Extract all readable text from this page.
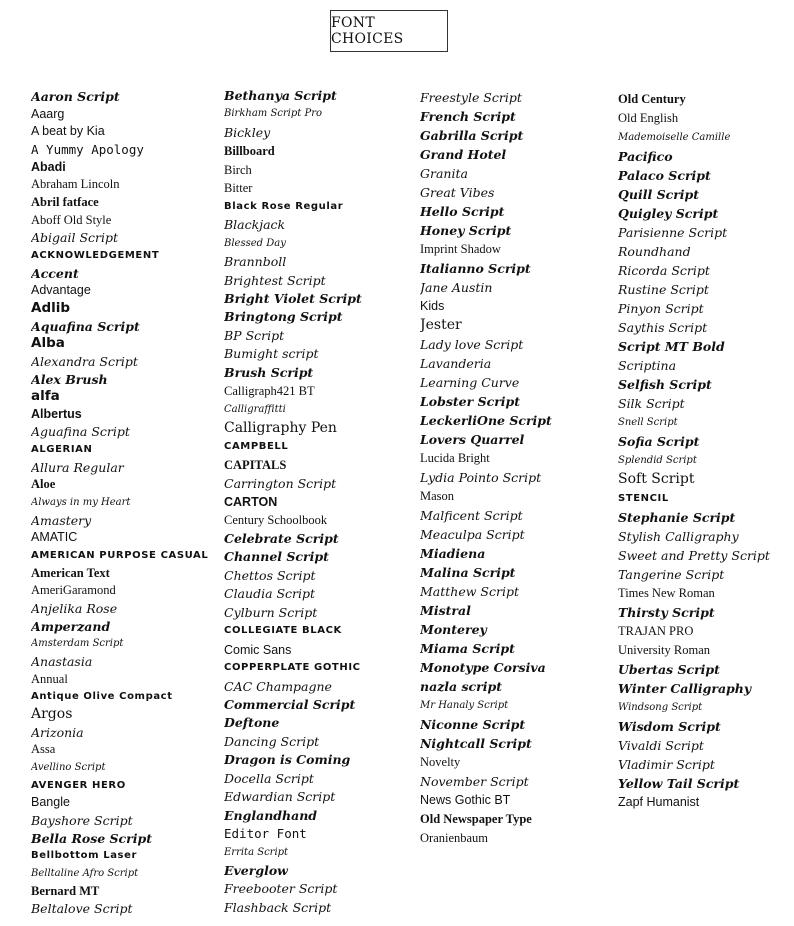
FONT CHOICES
Aaron Script
Aaarg
A beat by Kia
A Yummy Apology
Abadi
Abraham Lincoln
Abril fatface
Aboff Old Style
Abigail Script
ACKNOWLEDGEMENT
Accent
Advantage
Adlib
Aquafina Script
Alba
Alexandra Script
Alex Brush
alfa
Albertus
Aguafina Script
ALGERIAN
Allura Regular
Aloe
Always in my Heart
Amastery
AMATIC
AMERICAN PURPOSE CASUAL
American Text
AmeriGaramond
Anjelika Rose
Amperzand
Amsterdam Script
Anastasia
Annual
Antique Olive Compact
Argos
Arizonia
Assa
Avellino Script
AVENGER HERO
Bangle
Bayshore Script
Bella Rose Script
Bellbottom Laser
Belltaline Afro Script
Bernard MT
Beltalove Script
Bethanya Script
Birkham Script Pro
Bickley
Billboard
Birch
Bitter
Black Rose Regular
Blackjack
Blessed Day
Brannboll
Brightest Script
Bright Violet Script
Bringtong Script
BP Script
Bumight script
Brush Script
Calligraph421 BT
Calligraffitti
Calligraphy Pen
CAMPBELL
CAPITALS
Carrington Script
CARTON
Century Schoolbook
Celebrate Script
Channel Script
Chettos Script
Claudia Script
Cylburn Script
COLLEGIATE BLACK
Comic Sans
COPPERPLATE GOTHIC
CAC Champagne
Commercial Script
Deftone
Dancing Script
Dragon is Coming
Docella Script
Edwardian Script
Englandhand
Editor Font
Errita Script
Everglow
Freebooter Script
Flashback Script
Freestyle Script
French Script
Gabrilla Script
Grand Hotel
Granita
Great Vibes
Hello Script
Honey Script
Imprint Shadow
Italianno Script
Jane Austin
Kids
Jester
Lady love Script
Lavanderia
Learning Curve
Lobster Script
LeckerliOne Script
Lovers Quarrel
Lucida Bright
Lydia Pointo Script
Mason
Malficent Script
Meaculpa Script
Miadiena
Malina Script
Matthew Script
Mistral
Monterey
Miama Script
Monotype Corsiva
nazla script
Mr Hanaly Script
Niconne Script
Nightcall Script
Novelty
November Script
News Gothic BT
Old Newspaper Type
Oranienbaum
Old Century
Old English
Mademoiselle Camille
Pacifico
Palaco Script
Quill Script
Quigley Script
Parisienne Script
Roundhand
Ricorda Script
Rustine Script
Pinyon Script
Saythis Script
Script MT Bold
Scriptina
Selfish Script
Silk Script
Snell Script
Sofia Script
Splendid Script
Soft Script
STENCIL
Stephanie Script
Stylish Calligraphy
Sweet and Pretty Script
Tangerine Script
Times New Roman
Thirsty Script
TRAJAN PRO
University Roman
Ubertas Script
Winter Calligraphy
Windsong Script
Wisdom Script
Vivaldi Script
Vladimir Script
Yellow Tail Script
Zapf Humanist
